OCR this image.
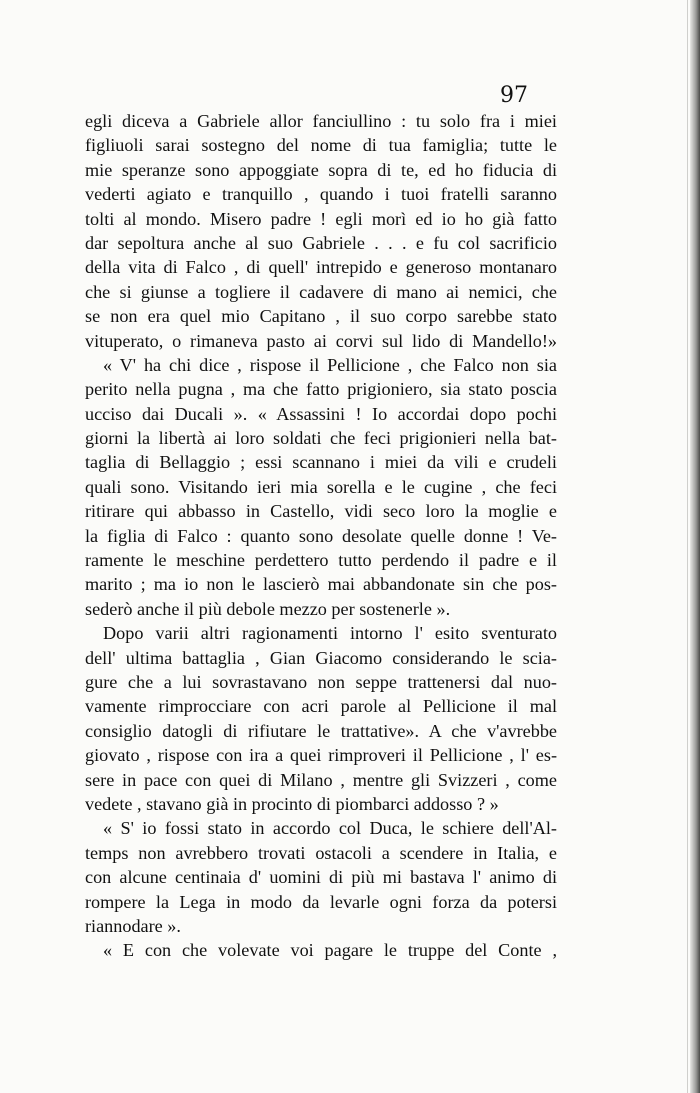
97
egli diceva a Gabriele allor fanciullino : tu solo fra i miei
figliuoli sarai sostegno del nome di tua famiglia; tutte le
mie speranze sono appoggiate sopra di te, ed ho fiducia di
vederti agiato e tranquillo , quando i tuoi fratelli saranno
tolti al mondo. Misero padre ! egli morì ed io ho già fatto
dar sepoltura anche al suo Gabriele . . . e fu col sacrificio
della vita di Falco , di quell' intrepido e generoso montanaro
che si giunse a togliere il cadavere di mano ai nemici, che
se non era quel mio Capitano , il suo corpo sarebbe stato
vituperato, o rimaneva pasto ai corvi sul lido di Mandello!»
« V' ha chi dice , rispose il Pellicione , che Falco non sia
perito nella pugna , ma che fatto prigioniero, sia stato poscia
ucciso dai Ducali ». « Assassini ! Io accordai dopo pochi
giorni la libertà ai loro soldati che feci prigionieri nella bat-
taglia di Bellaggio ; essi scannano i miei da vili e crudeli
quali sono. Visitando ieri mia sorella e le cugine , che feci
ritirare qui abbasso in Castello, vidi seco loro la moglie e
la figlia di Falco : quanto sono desolate quelle donne ! Ve-
ramente le meschine perdettero tutto perdendo il padre e il
marito ; ma io non le lascierò mai abbandonate sin che pos-
sederò anche il più debole mezzo per sostenerle ».
Dopo varii altri ragionamenti intorno l' esito sventurato
dell' ultima battaglia , Gian Giacomo considerando le scia-
gure che a lui sovrastavano non seppe trattenersi dal nuo-
vamente rimprocciare con acri parole al Pellicione il mal
consiglio datogli di rifiutare le trattative». A che v'avrebbe
giovato , rispose con ira a quei rimproveri il Pellicione , l' es-
sere in pace con quei di Milano , mentre gli Svizzeri , come
vedete , stavano già in procinto di piombarci addosso ? »
« S' io fossi stato in accordo col Duca, le schiere dell'Al-
temps non avrebbero trovati ostacoli a scendere in Italia, e
con alcune centinaia d' uomini di più mi bastava l' animo di
rompere la Lega in modo da levarle ogni forza da potersi
riannodare ».
« E con che volevate voi pagare le truppe del Conte ,
